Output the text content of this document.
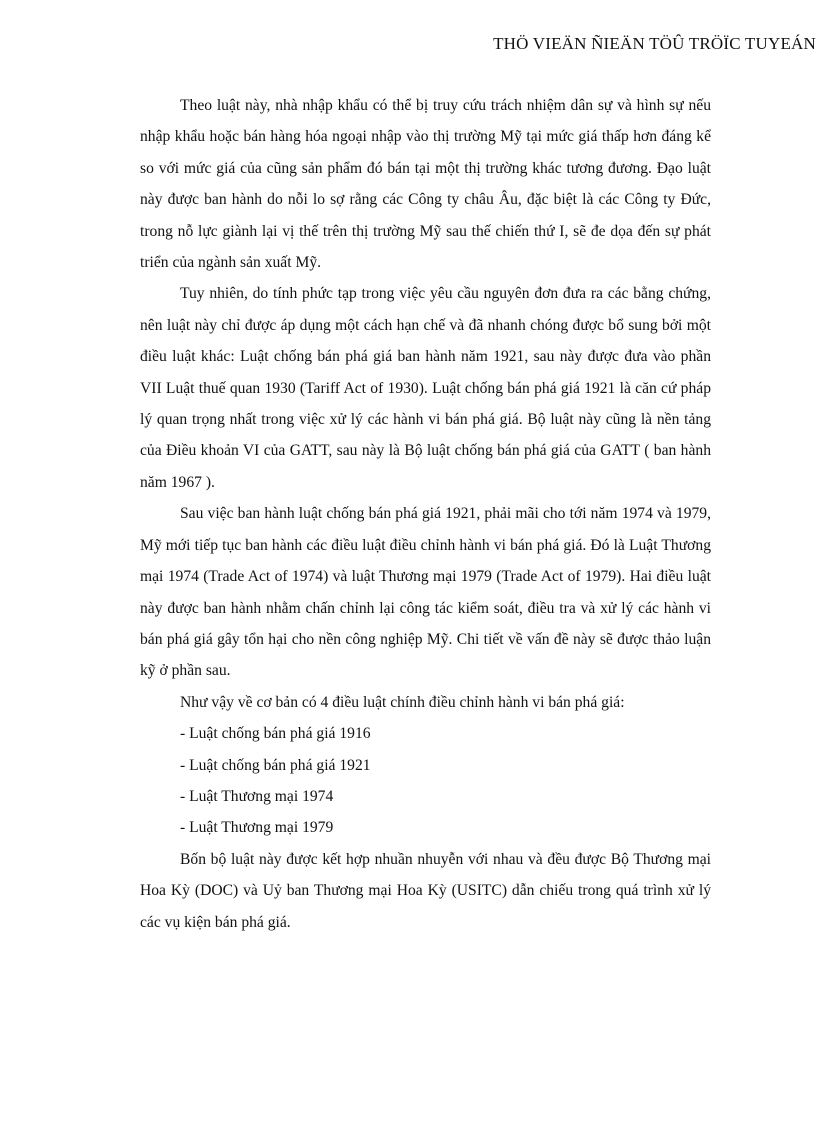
THÖ VIEÄN ÑIEÄN TÖÛ TRÖÏC TUYEÁN

Theo luật này, nhà nhập khẩu có thể bị truy cứu trách nhiệm dân sự và hình sự nếu nhập khẩu hoặc bán hàng hóa ngoại nhập vào thị trường Mỹ tại mức giá thấp hơn đáng kể so với mức giá của cũng sản phẩm đó bán tại một thị trường khác tương đương. Đạo luật này được ban hành do nỗi lo sợ rằng các Công ty châu Âu, đặc biệt là các Công ty Đức, trong nỗ lực giành lại vị thế trên thị trường Mỹ sau thế chiến thứ I, sẽ đe dọa đến sự phát triển của ngành sản xuất Mỹ.

Tuy nhiên, do tính phức tạp trong việc yêu cầu nguyên đơn đưa ra các bằng chứng, nên luật này chỉ được áp dụng một cách hạn chế và đã nhanh chóng được bổ sung bởi một điều luật khác: Luật chống bán phá giá ban hành năm 1921, sau này được đưa vào phần VII Luật thuế quan 1930 (Tariff Act of 1930). Luật chống bán phá giá 1921 là căn cứ pháp lý quan trọng nhất trong việc xử lý các hành vi bán phá giá. Bộ luật này cũng là nền tảng của Điều khoản VI của GATT, sau này là Bộ luật chống bán phá giá của GATT ( ban hành năm 1967 ).

Sau việc ban hành luật chống bán phá giá 1921, phải mãi cho tới năm 1974 và 1979, Mỹ mới tiếp tục ban hành các điều luật điều chỉnh hành vi bán phá giá. Đó là Luật Thương mại 1974 (Trade Act of 1974) và luật Thương mại 1979 (Trade Act of 1979). Hai điều luật này được ban hành nhằm chấn chỉnh lại công tác kiểm soát, điều tra và xử lý các hành vi bán phá giá gây tổn hại cho nền công nghiệp Mỹ. Chi tiết về vấn đề này sẽ được thảo luận kỹ ở phần sau.

Như vậy về cơ bản có 4 điều luật chính điều chỉnh hành vi bán phá giá:

- Luật chống bán phá giá 1916

- Luật chống bán phá giá 1921

- Luật Thương mại 1974

- Luật Thương mại 1979

Bốn bộ luật này được kết hợp nhuần nhuyễn với nhau và đều được Bộ Thương mại Hoa Kỳ (DOC) và Uỷ ban Thương mại Hoa Kỳ (USITC) dẫn chiếu trong quá trình xử lý các vụ kiện bán phá giá.
